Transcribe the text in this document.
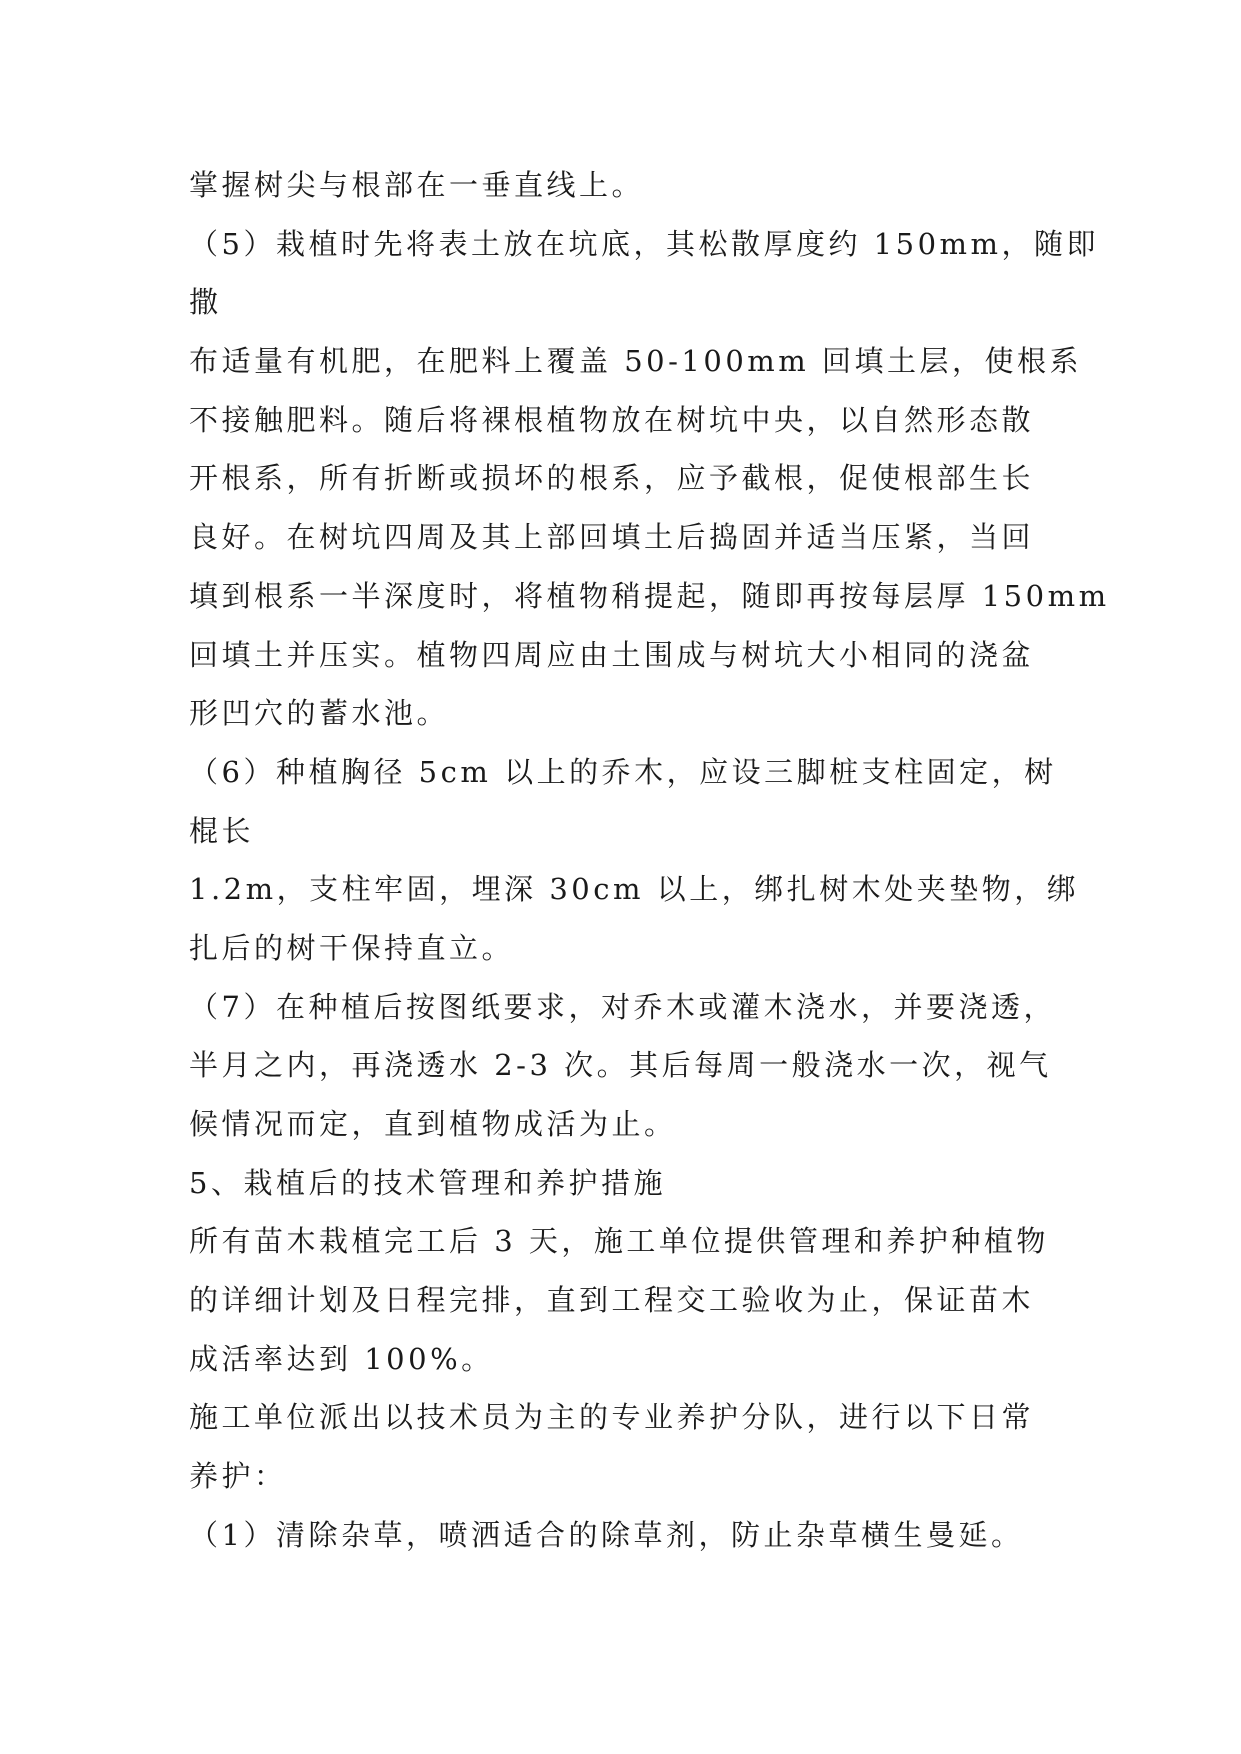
掌握树尖与根部在一垂直线上。
（5）栽植时先将表土放在坑底，其松散厚度约 150mm，随即
撒
布适量有机肥，在肥料上覆盖 50-100mm 回填土层，使根系
不接触肥料。随后将裸根植物放在树坑中央，以自然形态散
开根系，所有折断或损坏的根系，应予截根，促使根部生长
良好。在树坑四周及其上部回填土后捣固并适当压紧，当回
填到根系一半深度时，将植物稍提起，随即再按每层厚 150mm
回填土并压实。植物四周应由土围成与树坑大小相同的浇盆
形凹穴的蓄水池。
（6）种植胸径 5cm 以上的乔木，应设三脚桩支柱固定，树
棍长
1.2m，支柱牢固，埋深 30cm 以上，绑扎树木处夹垫物，绑
扎后的树干保持直立。
（7）在种植后按图纸要求，对乔木或灌木浇水，并要浇透，
半月之内，再浇透水 2-3 次。其后每周一般浇水一次，视气
候情况而定，直到植物成活为止。
5、栽植后的技术管理和养护措施
所有苗木栽植完工后 3 天，施工单位提供管理和养护种植物
的详细计划及日程完排，直到工程交工验收为止，保证苗木
成活率达到 100%。
施工单位派出以技术员为主的专业养护分队，进行以下日常
养护：
（1）清除杂草，喷洒适合的除草剂，防止杂草横生曼延。
